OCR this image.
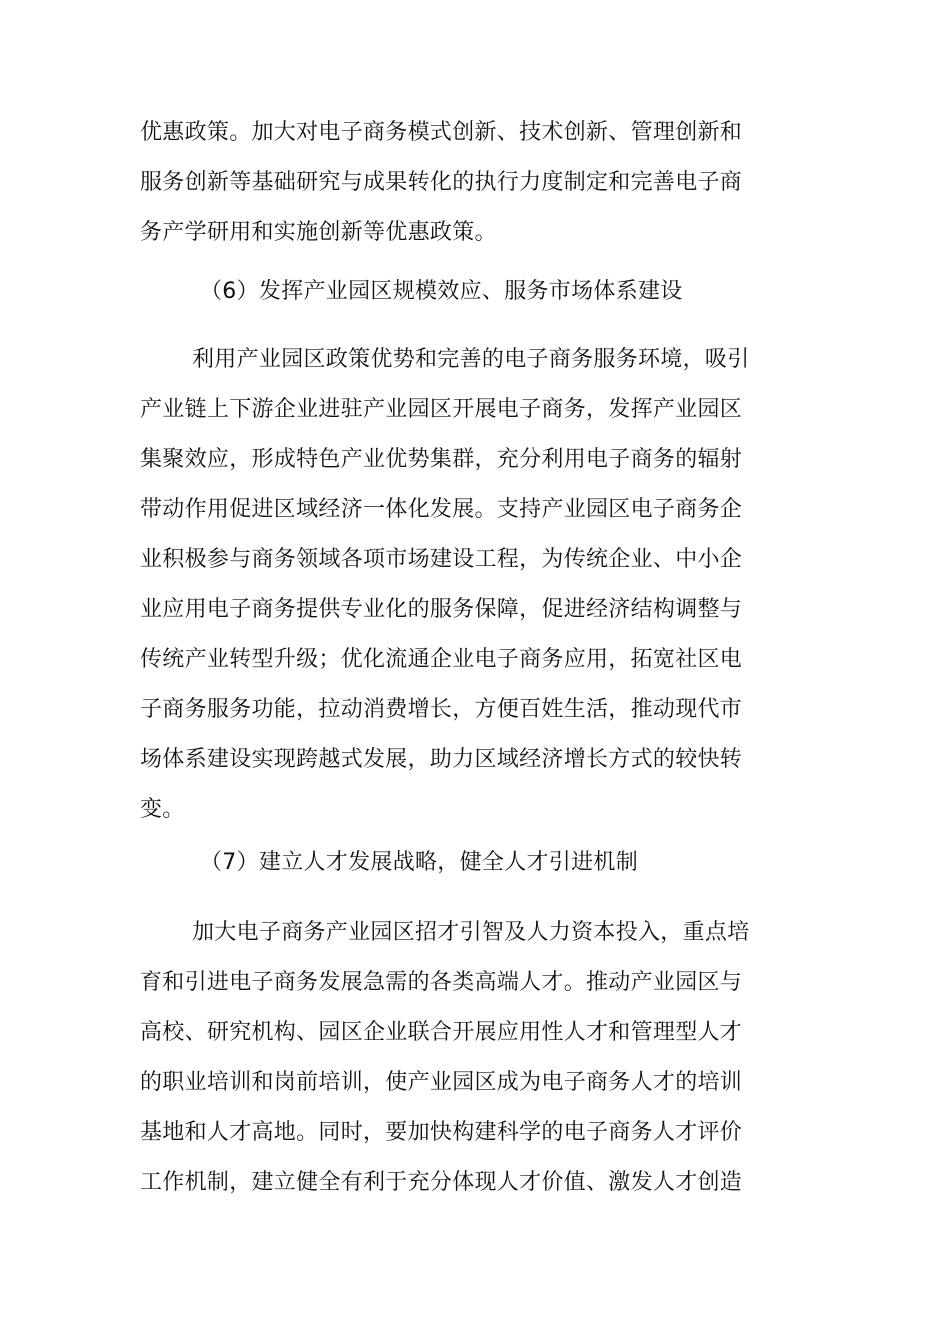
优惠政策。加大对电子商务模式创新、技术创新、管理创新和
服务创新等基础研究与成果转化的执行力度制定和完善电子商
务产学研用和实施创新等优惠政策。
（6）发挥产业园区规模效应、服务市场体系建设
利用产业园区政策优势和完善的电子商务服务环境，吸引
产业链上下游企业进驻产业园区开展电子商务，发挥产业园区
集聚效应，形成特色产业优势集群，充分利用电子商务的辐射
带动作用促进区域经济一体化发展。支持产业园区电子商务企
业积极参与商务领域各项市场建设工程，为传统企业、中小企
业应用电子商务提供专业化的服务保障，促进经济结构调整与
传统产业转型升级；优化流通企业电子商务应用，拓宽社区电
子商务服务功能，拉动消费增长，方便百姓生活，推动现代市
场体系建设实现跨越式发展，助力区域经济增长方式的较快转
变。
（7）建立人才发展战略，健全人才引进机制
加大电子商务产业园区招才引智及人力资本投入，重点培
育和引进电子商务发展急需的各类高端人才。推动产业园区与
高校、研究机构、园区企业联合开展应用性人才和管理型人才
的职业培训和岗前培训，使产业园区成为电子商务人才的培训
基地和人才高地。同时，要加快构建科学的电子商务人才评价
工作机制，建立健全有利于充分体现人才价值、激发人才创造
